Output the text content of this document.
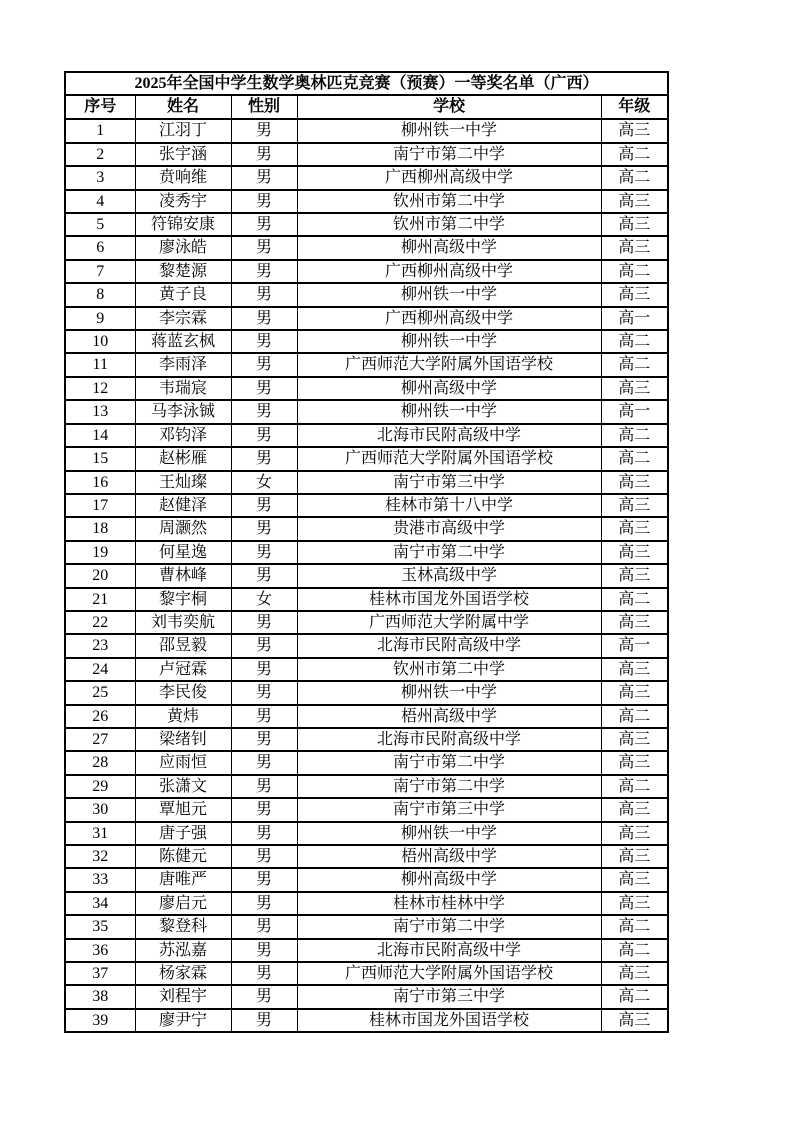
2025年全国中学生数学奥林匹克竞赛（预赛）一等奖名单（广西）				
序号	姓名	性别	学校	年级
1	江羽丁	男	柳州铁一中学	高三
2	张宇涵	男	南宁市第二中学	高二
3	贲响维	男	广西柳州高级中学	高二
4	凌秀宇	男	钦州市第二中学	高三
5	符锦安康	男	钦州市第二中学	高三
6	廖泳皓	男	柳州高级中学	高三
7	黎楚源	男	广西柳州高级中学	高二
8	黄子良	男	柳州铁一中学	高三
9	李宗霖	男	广西柳州高级中学	高一
10	蒋蓝玄枫	男	柳州铁一中学	高二
11	李雨泽	男	广西师范大学附属外国语学校	高二
12	韦瑞宸	男	柳州高级中学	高三
13	马李泳铖	男	柳州铁一中学	高一
14	邓钧泽	男	北海市民附高级中学	高二
15	赵彬雁	男	广西师范大学附属外国语学校	高二
16	王灿璨	女	南宁市第三中学	高三
17	赵健泽	男	桂林市第十八中学	高三
18	周灏然	男	贵港市高级中学	高三
19	何星逸	男	南宁市第二中学	高三
20	曹林峰	男	玉林高级中学	高三
21	黎宇桐	女	桂林市国龙外国语学校	高二
22	刘韦奕航	男	广西师范大学附属中学	高三
23	邵昱毅	男	北海市民附高级中学	高一
24	卢冠霖	男	钦州市第二中学	高三
25	李民俊	男	柳州铁一中学	高三
26	黄炜	男	梧州高级中学	高二
27	梁绪钊	男	北海市民附高级中学	高三
28	应雨恒	男	南宁市第二中学	高三
29	张潇文	男	南宁市第二中学	高二
30	覃旭元	男	南宁市第三中学	高三
31	唐子强	男	柳州铁一中学	高三
32	陈健元	男	梧州高级中学	高三
33	唐唯严	男	柳州高级中学	高三
34	廖启元	男	桂林市桂林中学	高三
35	黎登科	男	南宁市第二中学	高二
36	苏泓嘉	男	北海市民附高级中学	高二
37	杨家霖	男	广西师范大学附属外国语学校	高三
38	刘程宇	男	南宁市第三中学	高二
39	廖尹宁	男	桂林市国龙外国语学校	高三
